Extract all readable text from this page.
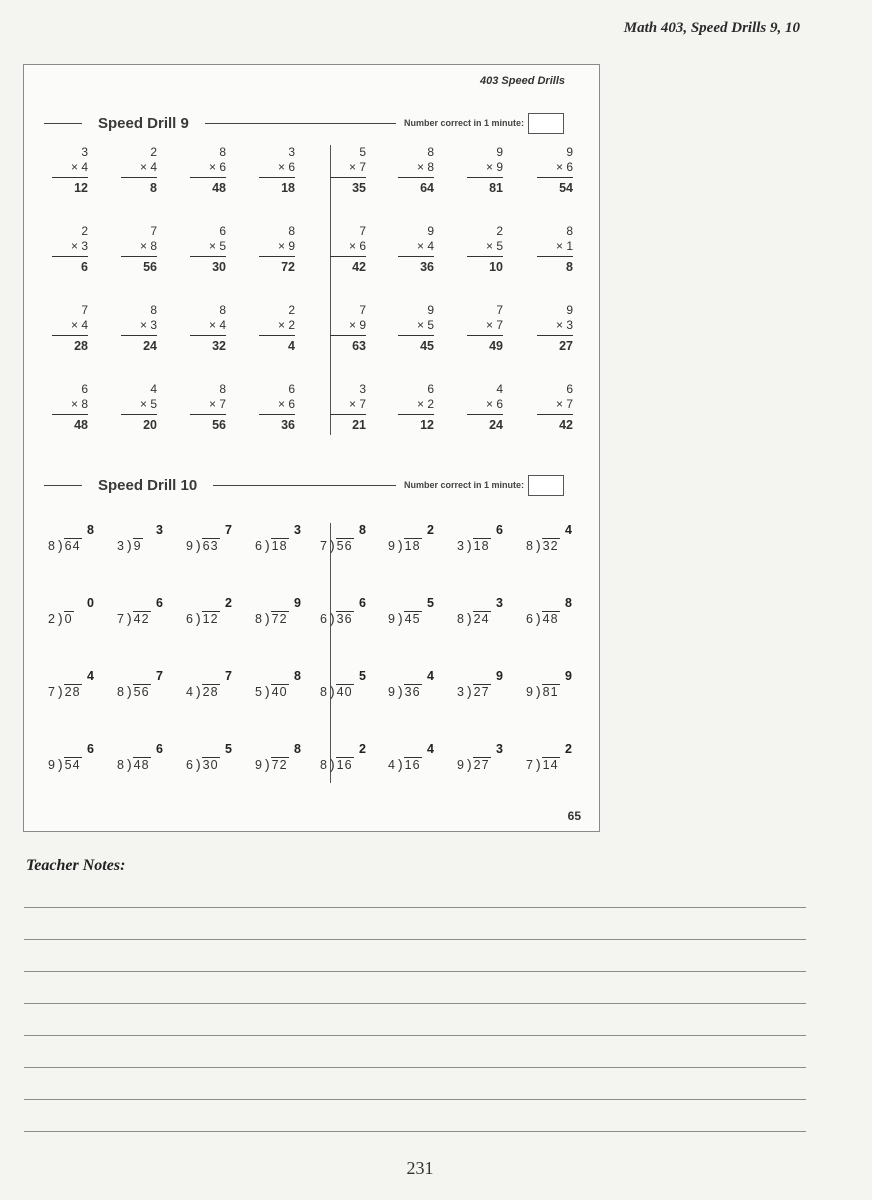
Math 403, Speed Drills 9, 10
403 Speed Drills
Speed Drill 9	Number correct in 1 minute:
3
× 4
12
2
× 4
8
8
× 6
48
3
× 6
18
5
× 7
35
8
× 8
64
9
× 9
81
9
× 6
54
2
× 3
6
7
× 8
56
6
× 5
30
8
× 9
72
7
× 6
42
9
× 4
36
2
× 5
10
8
× 1
8
7
× 4
28
8
× 3
24
8
× 4
32
2
× 2
4
7
× 9
63
9
× 5
45
7
× 7
49
9
× 3
27
6
× 8
48
4
× 5
20
8
× 7
56
6
× 6
36
3
× 7
21
6
× 2
12
4
× 6
24
6
× 7
42
Speed Drill 10	Number correct in 1 minute:
8
8 ) 64
3
3 ) 9
7
9 ) 63
3
6 ) 18
8
7 ) 56
2
9 ) 18
6
3 ) 18
4
8 ) 32
0
2 ) 0
6
7 ) 42
2
6 ) 12
9
8 ) 72
6
6 ) 36
5
9 ) 45
3
8 ) 24
8
6 ) 48
4
7 ) 28
7
8 ) 56
7
4 ) 28
8
5 ) 40
5
8 ) 40
4
9 ) 36
9
3 ) 27
9
9 ) 81
6
9 ) 54
6
8 ) 48
5
6 ) 30
8
9 ) 72
2
8 ) 16
4
4 ) 16
3
9 ) 27
2
7 ) 14
65
Teacher Notes:
231
